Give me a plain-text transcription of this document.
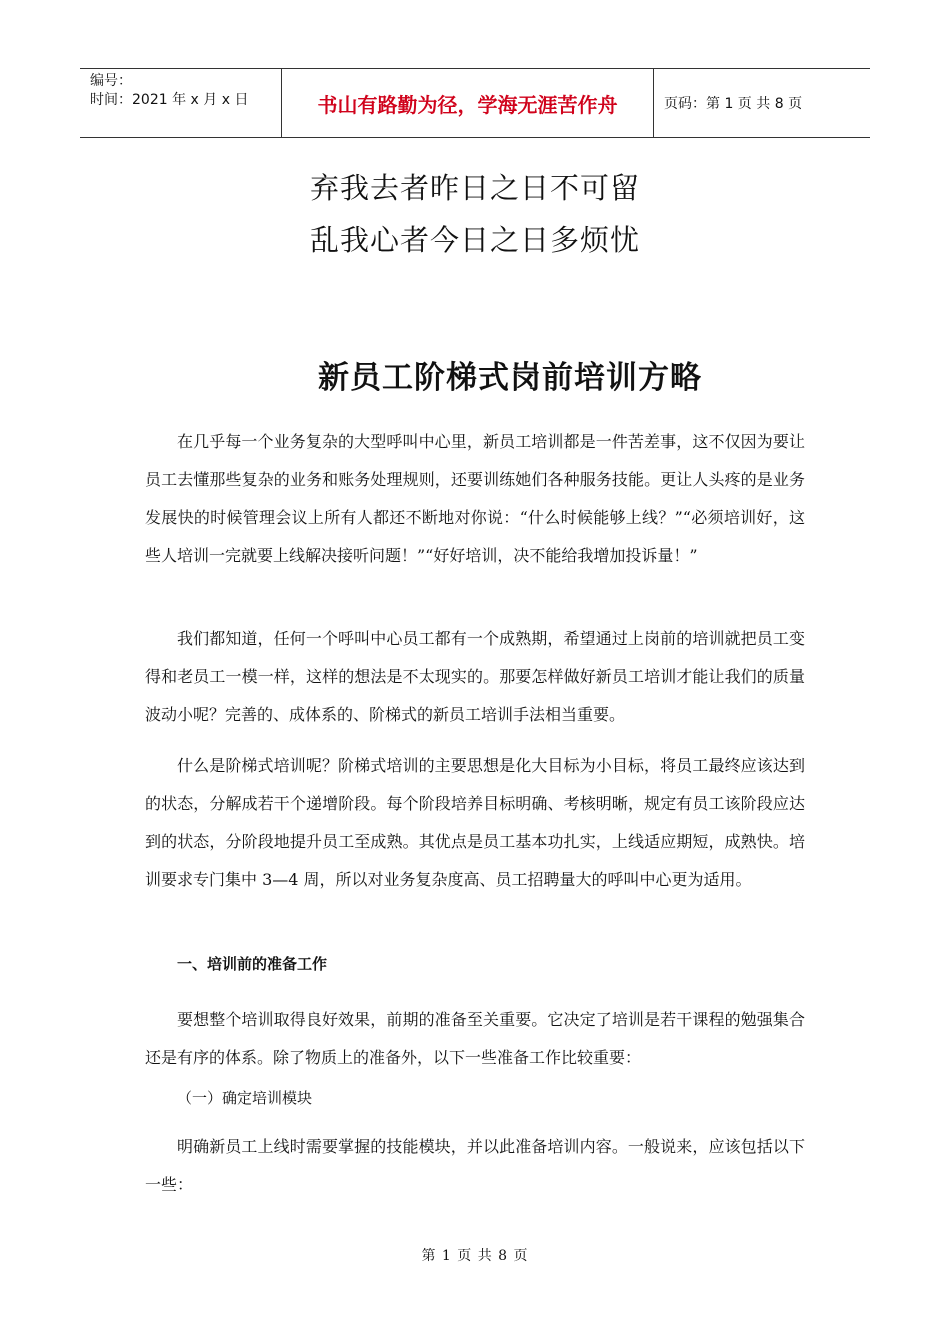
编号：
时间：2021 年 x 月 x 日	书山有路勤为径，学海无涯苦作舟	页码：第 1 页 共 8 页
弃我去者昨日之日不可留
乱我心者今日之日多烦忧
新员工阶梯式岗前培训方略
在几乎每一个业务复杂的大型呼叫中心里，新员工培训都是一件苦差事，这不仅因为要让员工去懂那些复杂的业务和账务处理规则，还要训练她们各种服务技能。更让人头疼的是业务发展快的时候管理会议上所有人都还不断地对你说：“什么时候能够上线？”“必须培训好，这些人培训一完就要上线解决接听问题！”“好好培训，决不能给我增加投诉量！”
我们都知道，任何一个呼叫中心员工都有一个成熟期，希望通过上岗前的培训就把员工变得和老员工一模一样，这样的想法是不太现实的。那要怎样做好新员工培训才能让我们的质量波动小呢？完善的、成体系的、阶梯式的新员工培训手法相当重要。
什么是阶梯式培训呢？阶梯式培训的主要思想是化大目标为小目标，将员工最终应该达到的状态，分解成若干个递增阶段。每个阶段培养目标明确、考核明晰，规定有员工该阶段应达到的状态，分阶段地提升员工至成熟。其优点是员工基本功扎实，上线适应期短，成熟快。培训要求专门集中 3—4 周，所以对业务复杂度高、员工招聘量大的呼叫中心更为适用。
一、培训前的准备工作
要想整个培训取得良好效果，前期的准备至关重要。它决定了培训是若干课程的勉强集合还是有序的体系。除了物质上的准备外，以下一些准备工作比较重要：
（一）确定培训模块
明确新员工上线时需要掌握的技能模块，并以此准备培训内容。一般说来，应该包括以下一些：
第 1 页 共 8 页
